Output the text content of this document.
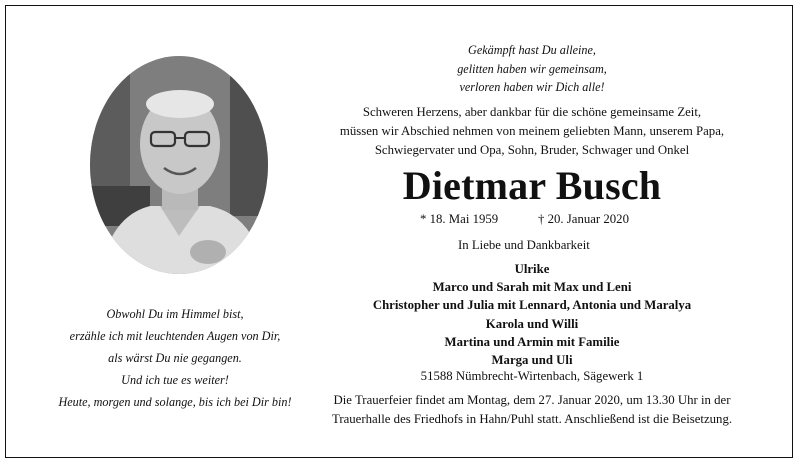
Gekämpft hast Du alleine,
gelitten haben wir gemeinsam,
verloren haben wir Dich alle!
Schweren Herzens, aber dankbar für die schöne gemeinsame Zeit,
müssen wir Abschied nehmen von meinem geliebten Mann, unserem Papa,
Schwiegervater und Opa, Sohn, Bruder, Schwager und Onkel
Dietmar Busch
* 18. Mai 1959	† 20. Januar 2020
In Liebe und Dankbarkeit
Ulrike
Marco und Sarah mit Max und Leni
Christopher und Julia mit Lennard, Antonia und Maralya
Karola und Willi
Martina und Armin mit Familie
Marga und Uli
51588 Nümbrecht-Wirtenbach, Sägewerk 1
Die Trauerfeier findet am Montag, dem 27. Januar 2020, um 13.30 Uhr in der
Trauerhalle des Friedhofs in Hahn/Puhl statt. Anschließend ist die Beisetzung.
Obwohl Du im Himmel bist,
erzähle ich mit leuchtenden Augen von Dir,
als wärst Du nie gegangen.
Und ich tue es weiter!
Heute, morgen und solange, bis ich bei Dir bin!
